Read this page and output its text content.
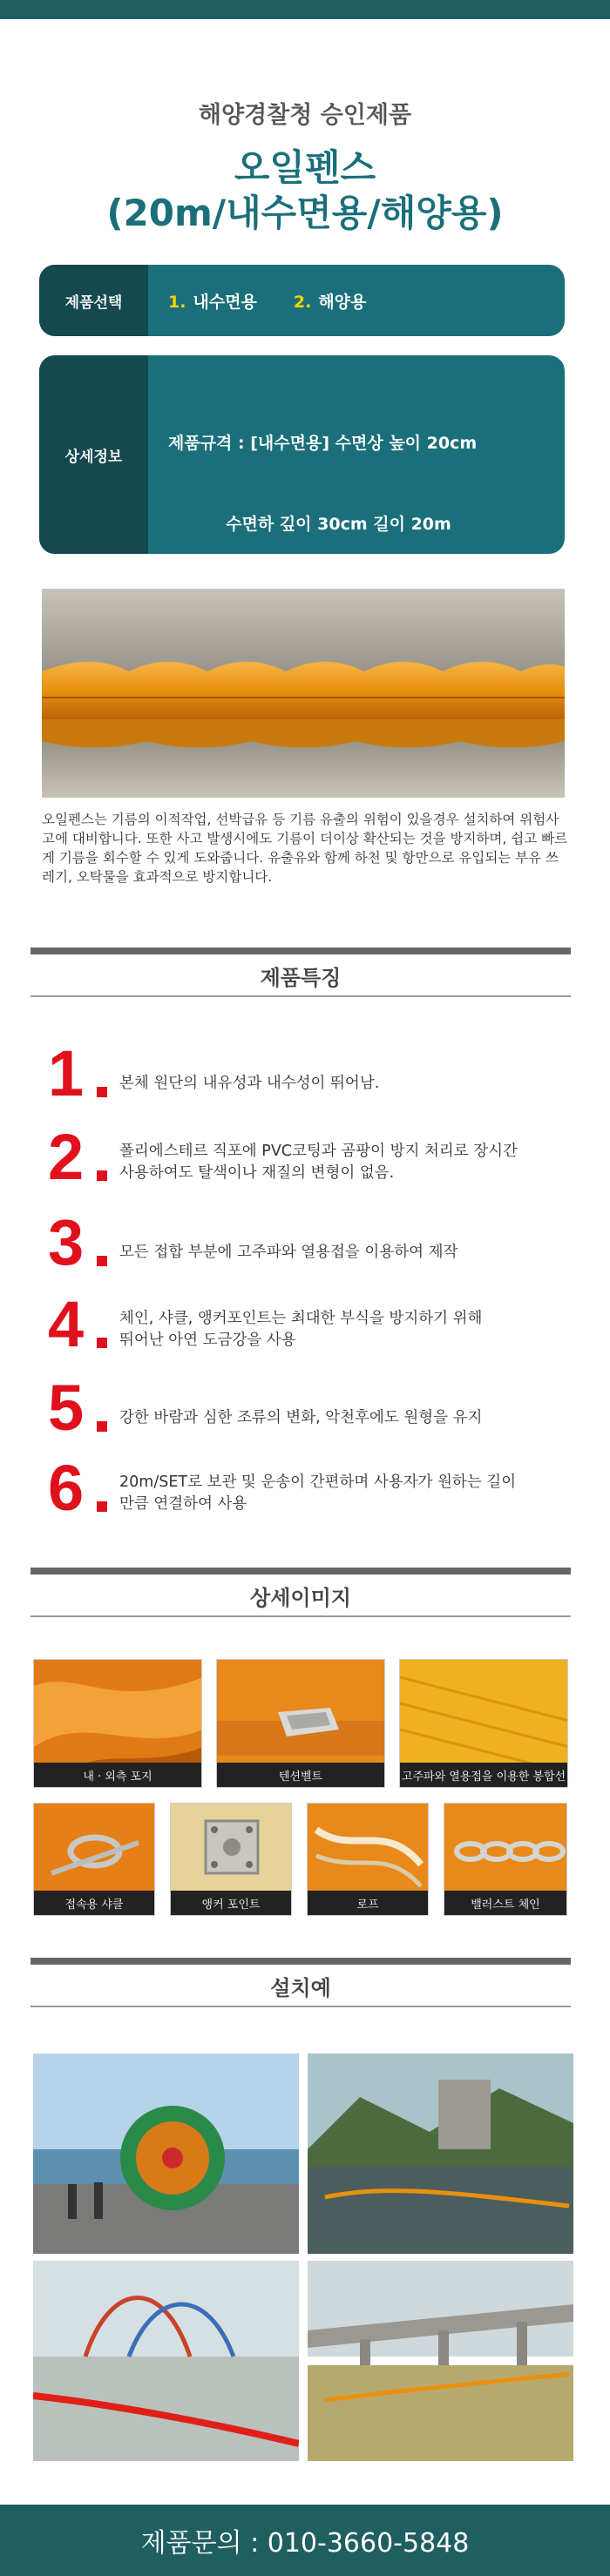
해양경찰청 승인제품
오일펜스
(20m/내수면용/해양용)
제품선택	1. 내수면용 2. 해양용
상세정보

제품규격 : [내수면용] 수면상 높이 20cm

수면하 깊이 30cm 길이 20m

오일펜스는 기름의 이적작업, 선박급유 등 기름 유출의 위험이 있을경우 설치하여 위험사고에 대비합니다. 또한 사고 발생시에도 기름이 더이상 확산되는 것을 방지하며, 쉽고 빠르게 기름을 회수할 수 있게 도와줍니다. 유출유와 함께 하천 및 항만으로 유입되는 부유 쓰레기, 오탁물을 효과적으로 방지합니다.
제품특징
1 본체 원단의 내유성과 내수성이 뛰어남.
2 폴리에스테르 직포에 PVC코팅과 곰팡이 방지 처리로 장시간
사용하여도 탈색이나 재질의 변형이 없음.
3 모든 접합 부분에 고주파와 열용접을 이용하여 제작
4 체인, 샤클, 앵커포인트는 최대한 부식을 방지하기 위해
뛰어난 아연 도금강을 사용
5 강한 바람과 심한 조류의 변화, 악천후에도 원형을 유지
6 20m/SET로 보관 및 운송이 간편하며 사용자가 원하는 길이
만큼 연결하여 사용
상세이미지
내 · 외측 포지	텐션벨트	고주파와 열용접을 이용한 봉합선
접속용 샤클	앵커 포인트	로프	밸러스트 체인
설치예
제품문의 : 010-3660-5848
